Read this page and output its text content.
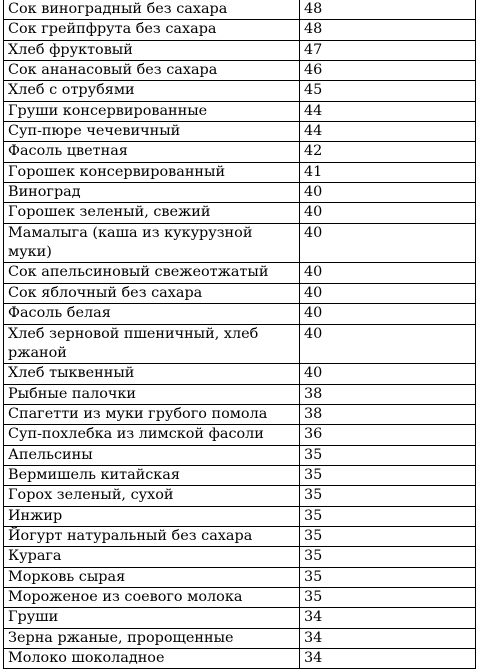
Сок виноградный без сахара	48
Сок грейпфрута без сахара	48
Хлеб фруктовый	47
Сок ананасовый без сахара	46
Хлеб с отрубями	45
Груши консервированные	44
Суп-пюре чечевичный	44
Фасоль цветная	42
Горошек консервированный	41
Виноград	40
Горошек зеленый, свежий	40
Мамалыга (каша из кукурузной муки)	40
Сок апельсиновый свежеотжатый	40
Сок яблочный без сахара	40
Фасоль белая	40
Хлеб зерновой пшеничный, хлеб ржаной	40
Хлеб тыквенный	40
Рыбные палочки	38
Спагетти из муки грубого помола	38
Суп-похлебка из лимской фасоли	36
Апельсины	35
Вермишель китайская	35
Горох зеленый, сухой	35
Инжир	35
Йогурт натуральный без сахара	35
Курага	35
Морковь сырая	35
Мороженое из соевого молока	35
Груши	34
Зерна ржаные, пророщенные	34
Молоко шоколадное	34
